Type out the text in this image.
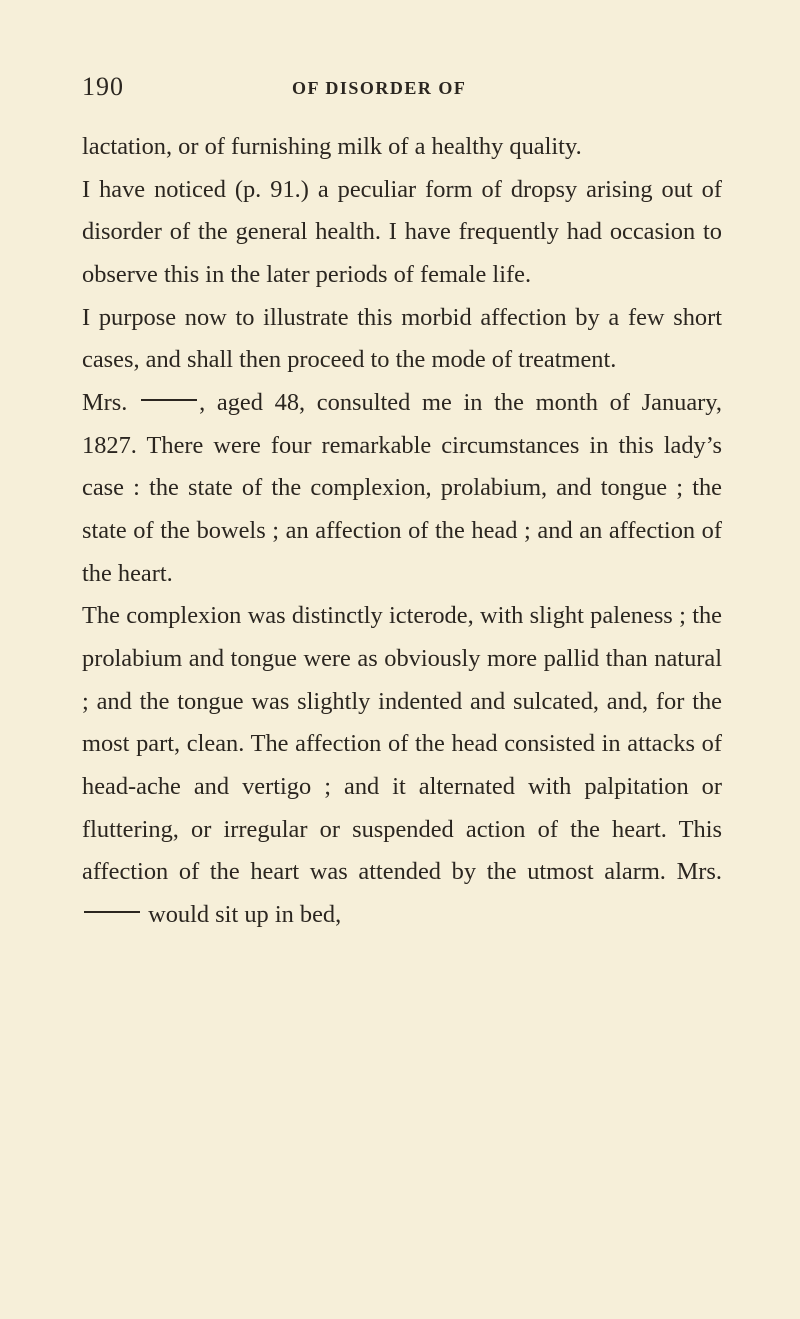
190	OF DISORDER OF

lactation, or of furnishing milk of a healthy quality.

I have noticed (p. 91.) a peculiar form of dropsy arising out of disorder of the general health. I have frequently had occasion to observe this in the later periods of female life.

I purpose now to illustrate this morbid affection by a few short cases, and shall then proceed to the mode of treatment.

Mrs.	, aged 48, consulted me in the month of January, 1827. There were four remarkable circumstances in this lady’s case : the state of the complexion, prolabium, and tongue ; the state of the bowels ; an affection of the head ; and an affection of the heart.

The complexion was distinctly icterode, with slight paleness ; the prolabium and tongue were as obviously more pallid than natural ; and the tongue was slightly indented and sulcated, and, for the most part, clean. The affection of the head consisted in attacks of head-ache and vertigo ; and it alternated with palpitation or fluttering, or irregular or suspended action of the heart. This affection of the heart was attended by the utmost alarm. Mrs.  would sit up in bed,
